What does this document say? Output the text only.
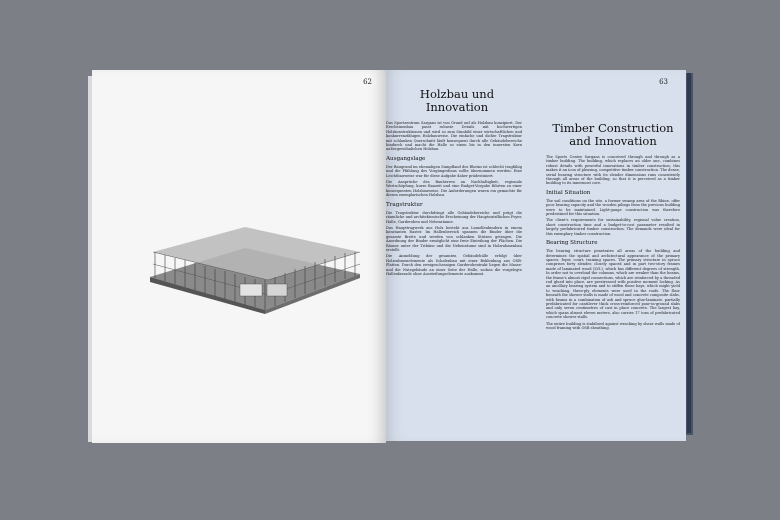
62	63
Holzbau und Innovation

Das Sportzentrum Sargans ist von Grund auf als Holzbau konzipiert. Der Erscheinenbau passt robuste Details mit hochwertigen Holzkonstruktionen und wird so zum Sinnbild einer wirtschaftlichen und konkurrenzfähigen Holzbauweise. Die einfache und dichte Tragstruktur mit schlanken Querschnitt läuft konsequent durch alle Gebäudebereiche hindurch und macht die Halle so einen bis in den innersten Kern außergewöhnlichen Holzbau.

Ausgangslage

Der Baugrund im ehemaligen Sumpfland des Rheins ist schlecht tragfähig und die Pfählung des Vorgängerbaus sollte übernommen werden: Eine Leichtbauweise war für diese Aufgabe daher prädestiniert.

Die Ansprüche des Bauherren an Nachhaltigkeit, regionale Wertschöpfung, kurze Bauzeit und eine Budget-Vorgabe führten zu einer konsequenten Holzbauweise. Die Anforderungen waren ein gemachte für diesen exemplarischen Holzbau.

Tragstruktur

Die Tragstruktur durchdringt alle Gebäudebereiche und prägt die räumliche und architektonische Erscheinung der Hauptnutzflächen Foyer, Halle, Garderoben und Nebenräume.

Das Haupttragwerk aus Holz besteht aus Lamellenbindern in einem konstanten Raster. Im Hallenbereich spannen die Binder über die gesamte Breite und werden von schlanken Stützen getragen. Die Anordnung der Binder ermöglicht eine freie Einteilung der Flächen. Die Räume unter der Tribüne und die Nebenräume sind in Holzrahmenbau erstellt.

Die Anmeldung der gesamten Gebäudehülle erfolgt über Holzrahmenelemente als Schalenbau mit einer Bekleidung aus OSB-Platten. Durch den zweigeschossigen Garderobentrakt liegen die Masse- und die Nutzgebäude an einer Seite der Halle, sodass die vorgelegte Hallenfassade ohne Aussteifungselemente auskommt.

Timber Construction and Innovation

The Sports Centre Sargans is conceived through and through as a timber building. The building, which replaces an older one, combines robust details with powerful innovations in timber construction; this makes it an icon of pleasing, competitive timber construction. The dense, serial bearing structure with its slender dimensions runs consistently through all areas of the building, so that it is perceived as a timber building to its innermost core.

Initial Situation

The soil conditions on the site, a former swamp area of the Rhine, offer poor bearing capacity and the wooden pilings from the previous building were to be maintained. Light-gauge construction was therefore predestined for this situation.

The client's requirements for sustainability, regional value creation, short construction time and a budget-to-cost parameter resulted in largely prefabricated timber construction. The demands were ideal for this exemplary timber construction.

Bearing Structure

The bearing structure penetrates all areas of the building and determines the spatial and architectural appearance of the primary spaces: foyer, court, training spaces. The primary structure in spruce comprises forty slender, closely spaced and in part two-story frames made of laminated wood (LVL), which has different degrees of strength. In order not to overload the columns, which are weaker than the beams, the frame's almost rigid connections, which are reinforced by a threaded rod glued into place, are prestressed with positive moment locking. As an ancillary bearing system and to stiffen these bays, which might yield to wracking, three-ply elements were used in the roofs. The floor beneath the shower stalls is made of wood and concrete composite slabs, with beams in a combination of ash and spruce glue-laminate, partially prefabricated for cantilever thick cross-reinforced pour-in-ground slabs and only seven centimetres of cast in place concrete. The largest bay, which spans almost eleven meters, also carries 17 tons of prefabricated concrete shower stalls.

The entire building is stabilised against wracking by shear walls made of wood framing with OSB sheathing.
